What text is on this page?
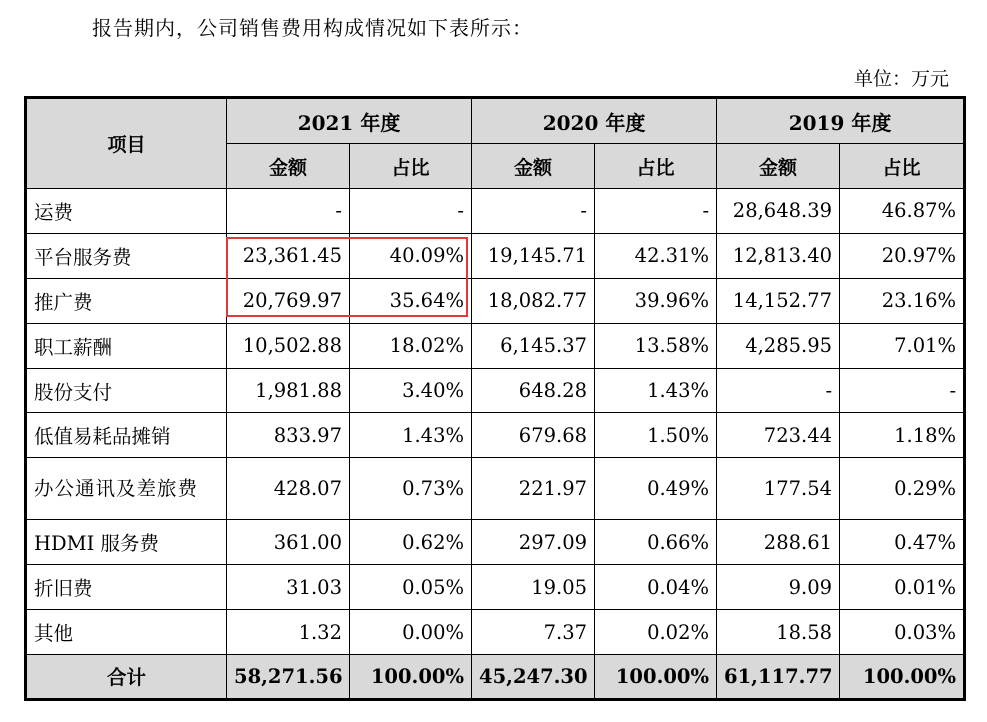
报告期内，公司销售费用构成情况如下表所示：
单位：万元
项目	2021 年度		2020 年度		2019 年度	
	金额	占比	金额	占比	金额	占比
运费	-	-	-	-	28,648.39	46.87%
平台服务费	23,361.45	40.09%	19,145.71	42.31%	12,813.40	20.97%
推广费	20,769.97	35.64%	18,082.77	39.96%	14,152.77	23.16%
职工薪酬	10,502.88	18.02%	6,145.37	13.58%	4,285.95	7.01%
股份支付	1,981.88	3.40%	648.28	1.43%	-	-
低值易耗品摊销	833.97	1.43%	679.68	1.50%	723.44	1.18%
办公通讯及差旅费	428.07	0.73%	221.97	0.49%	177.54	0.29%
HDMI 服务费	361.00	0.62%	297.09	0.66%	288.61	0.47%
折旧费	31.03	0.05%	19.05	0.04%	9.09	0.01%
其他	1.32	0.00%	7.37	0.02%	18.58	0.03%
合计	58,271.56	100.00%	45,247.30	100.00%	61,117.77	100.00%
